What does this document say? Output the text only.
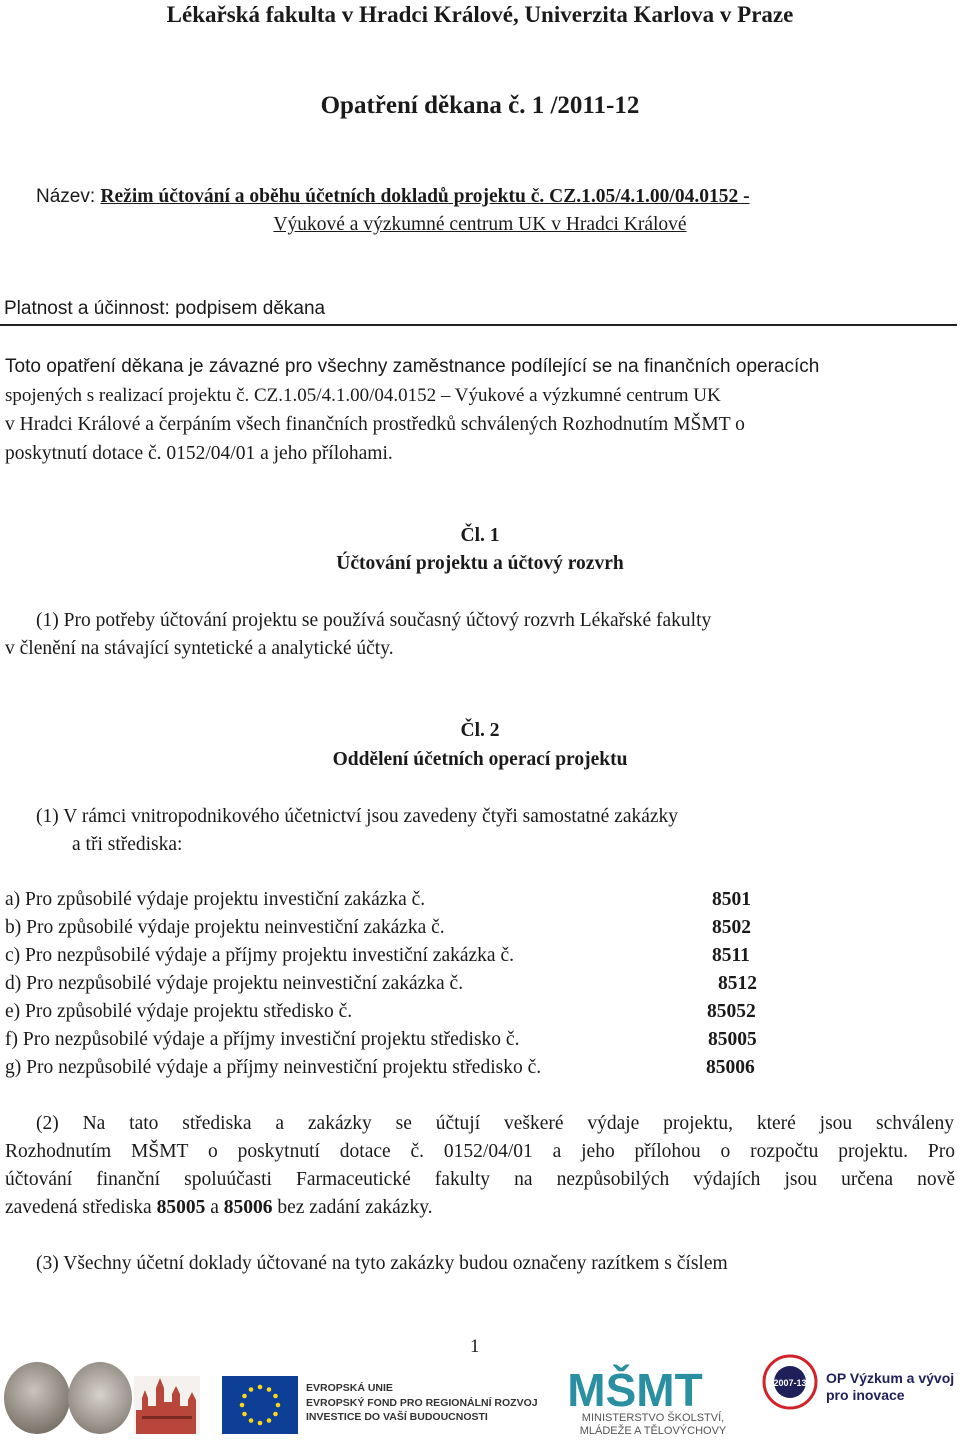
Lékařská fakulta v Hradci Králové, Univerzita Karlova v Praze
Opatření děkana č. 1 /2011-12
Název: Režim účtování a oběhu účetních dokladů projektu č. CZ.1.05/4.1.00/04.0152 -
Výukové a výzkumné centrum UK v Hradci Králové
Platnost a účinnost: podpisem děkana
Toto opatření děkana je závazné pro všechny zaměstnance podílející se na finančních operacích
spojených s realizací projektu č. CZ.1.05/4.1.00/04.0152 – Výukové a výzkumné centrum UK
v Hradci Králové a čerpáním všech finančních prostředků schválených Rozhodnutím MŠMT o
poskytnutí dotace č. 0152/04/01 a jeho přílohami.
Čl. 1
Účtování projektu a účtový rozvrh
(1) Pro potřeby účtování projektu se používá současný účtový rozvrh Lékařské fakulty
v členění na stávající syntetické a analytické účty.
Čl. 2
Oddělení účetních operací projektu
(1) V rámci vnitropodnikového účetnictví jsou zavedeny čtyři samostatné zakázky
a tři střediska:
a) Pro způsobilé výdaje projektu investiční zakázka č.	8501
b) Pro způsobilé výdaje projektu neinvestiční zakázka č.	8502
c) Pro nezpůsobilé výdaje a příjmy projektu investiční zakázka č.	8511
d) Pro nezpůsobilé výdaje projektu neinvestiční zakázka č.	8512
e) Pro způsobilé výdaje projektu středisko č.	85052
f) Pro nezpůsobilé výdaje a příjmy investiční projektu středisko č.	85005
g) Pro nezpůsobilé výdaje a příjmy neinvestiční projektu středisko č.	85006
(2) Na tato střediska a zakázky se účtují veškeré výdaje projektu, které jsou schváleny
Rozhodnutím MŠMT o poskytnutí dotace č. 0152/04/01 a jeho přílohou o rozpočtu projektu. Pro
účtování finanční spoluúčasti Farmaceutické fakulty na nezpůsobilých výdajích jsou určena nově
zavedená střediska 85005 a 85006 bez zadání zakázky.
(3) Všechny účetní doklady účtované na tyto zakázky budou označeny razítkem s číslem
1
EVROPSKÁ UNIE
EVROPSKÝ FOND PRO REGIONÁLNÍ ROZVOJ
INVESTICE DO VAŠÍ BUDOUCNOSTI
MŠMT
MINISTERSTVO ŠKOLSTVÍ,
MLÁDEŽE A TĚLOVÝCHOVY
2007-13 OP Výzkum a vývoj
pro inovace
